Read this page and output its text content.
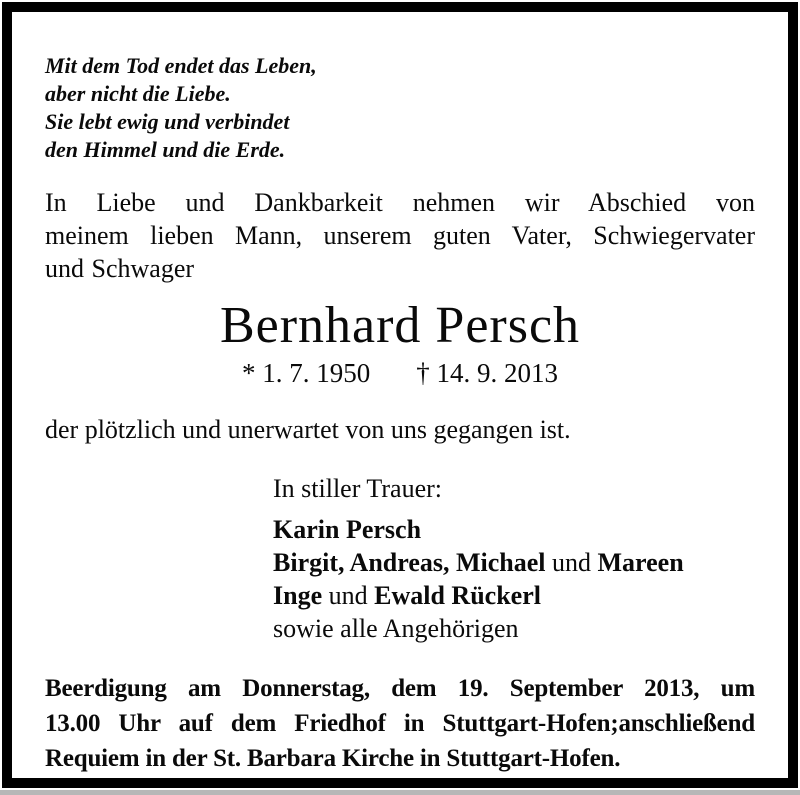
Mit dem Tod endet das Leben,
aber nicht die Liebe.
Sie lebt ewig und verbindet
den Himmel und die Erde.
In Liebe und Dankbarkeit nehmen wir Abschied von
meinem lieben Mann, unserem guten Vater, Schwiegervater
und Schwager
Bernhard Persch
* 1. 7. 1950 † 14. 9. 2013
der plötzlich und unerwartet von uns gegangen ist.
In stiller Trauer:
Karin Persch
Birgit, Andreas, Michael und Mareen
Inge und Ewald Rückerl
sowie alle Angehörigen
Beerdigung am Donnerstag, dem 19. September 2013, um
13.00 Uhr auf dem Friedhof in Stuttgart-Hofen;anschließend
Requiem in der St. Barbara Kirche in Stuttgart-Hofen.
